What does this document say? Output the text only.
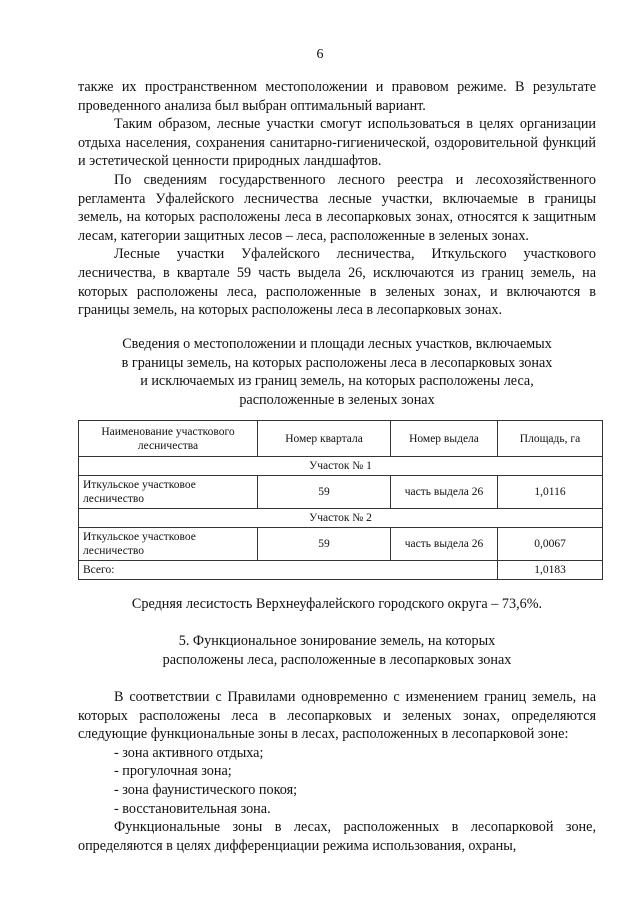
6

также их пространственном местоположении и правовом режиме. В результате проведенного анализа был выбран оптимальный вариант.

Таким образом, лесные участки смогут использоваться в целях организации отдыха населения, сохранения санитарно-гигиенической, оздоровительной функций и эстетической ценности природных ландшафтов.

По сведениям государственного лесного реестра и лесохозяйственного регламента Уфалейского лесничества лесные участки, включаемые в границы земель, на которых расположены леса в лесопарковых зонах, относятся к защитным лесам, категории защитных лесов – леса, расположенные в зеленых зонах.

Лесные участки Уфалейского лесничества, Иткульского участкового лесничества, в квартале 59 часть выдела 26, исключаются из границ земель, на которых расположены леса, расположенные в зеленых зонах, и включаются в границы земель, на которых расположены леса в лесопарковых зонах.

Сведения о местоположении и площади лесных участков, включаемых
в границы земель, на которых расположены леса в лесопарковых зонах
и исключаемых из границ земель, на которых расположены леса,
расположенные в зеленых зонах
Наименование участкового лесничества	Номер квартала	Номер выдела	Площадь, га
Участок № 1			
Иткульское участковое лесничество	59	часть выдела 26	1,0116
Участок № 2			
Иткульское участковое лесничество	59	часть выдела 26	0,0067
Всего:			1,0183
Средняя лесистость Верхнеуфалейского городского округа – 73,6%.
5. Функциональное зонирование земель, на которых
расположены леса, расположенные в лесопарковых зонах

В соответствии с Правилами одновременно с изменением границ земель, на которых расположены леса в лесопарковых и зеленых зонах, определяются следующие функциональные зоны в лесах, расположенных в лесопарковой зоне:

- зона активного отдыха;

- прогулочная зона;

- зона фаунистического покоя;

- восстановительная зона.

Функциональные зоны в лесах, расположенных в лесопарковой зоне, определяются в целях дифференциации режима использования, охраны,
